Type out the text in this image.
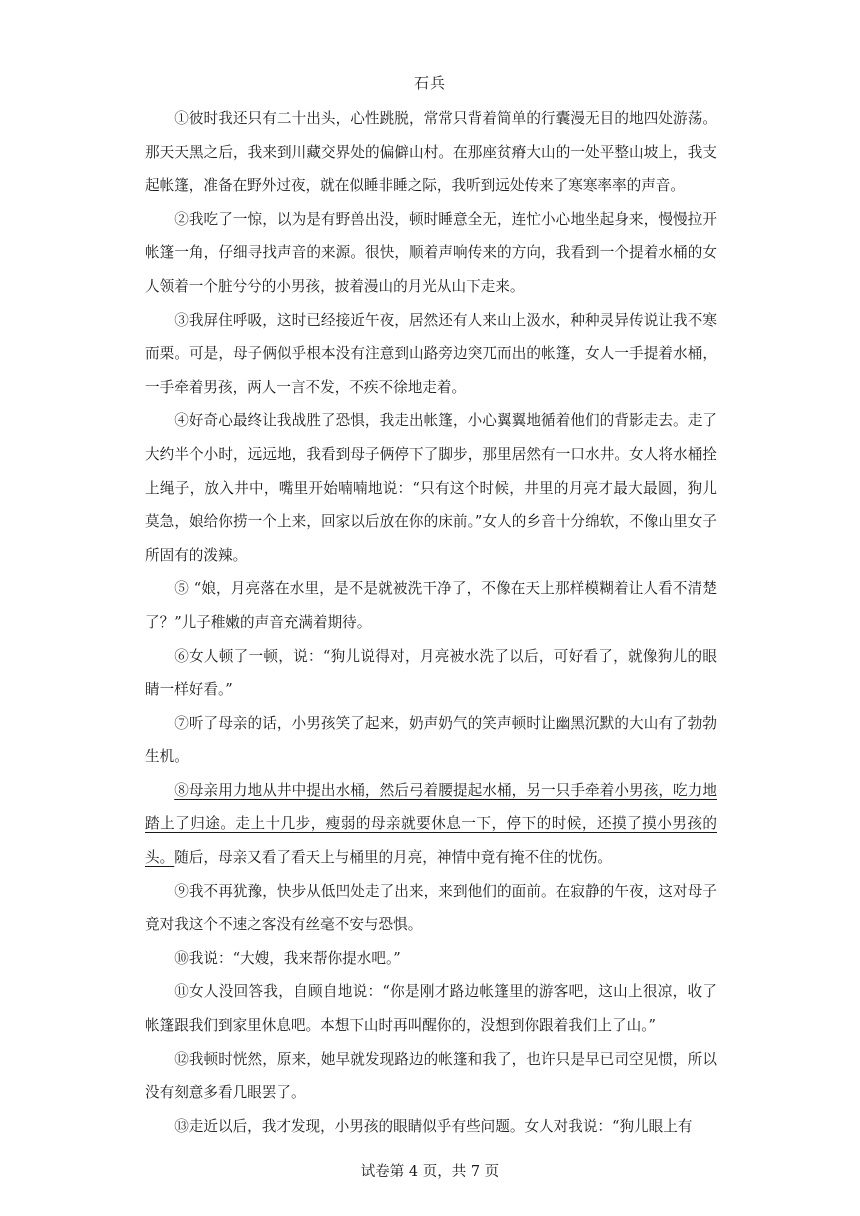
石兵

①彼时我还只有二十出头，心性跳脱，常常只背着简单的行囊漫无目的地四处游荡。那天天黑之后，我来到川藏交界处的偏僻山村。在那座贫瘠大山的一处平整山坡上，我支起帐篷，准备在野外过夜，就在似睡非睡之际，我听到远处传来了寒寒率率的声音。

②我吃了一惊，以为是有野兽出没，顿时睡意全无，连忙小心地坐起身来，慢慢拉开帐篷一角，仔细寻找声音的来源。很快，顺着声响传来的方向，我看到一个提着水桶的女人领着一个脏兮兮的小男孩，披着漫山的月光从山下走来。

③我屏住呼吸，这时已经接近午夜，居然还有人来山上汲水，种种灵异传说让我不寒而栗。可是，母子俩似乎根本没有注意到山路旁边突兀而出的帐篷，女人一手提着水桶，一手牵着男孩，两人一言不发，不疾不徐地走着。

④好奇心最终让我战胜了恐惧，我走出帐篷，小心翼翼地循着他们的背影走去。走了大约半个小时，远远地，我看到母子俩停下了脚步，那里居然有一口水井。女人将水桶拴上绳子，放入井中，嘴里开始喃喃地说：“只有这个时候，井里的月亮才最大最圆，狗儿莫急，娘给你捞一个上来，回家以后放在你的床前。”女人的乡音十分绵软，不像山里女子所固有的泼辣。

⑤ “娘，月亮落在水里，是不是就被洗干净了，不像在天上那样模糊着让人看不清楚了？”儿子稚嫩的声音充满着期待。

⑥女人顿了一顿，说：“狗儿说得对，月亮被水洗了以后，可好看了，就像狗儿的眼睛一样好看。”

⑦听了母亲的话，小男孩笑了起来，奶声奶气的笑声顿时让幽黑沉默的大山有了勃勃生机。

⑧母亲用力地从井中提出水桶，然后弓着腰提起水桶，另一只手牵着小男孩，吃力地踏上了归途。走上十几步，瘦弱的母亲就要休息一下，停下的时候，还摸了摸小男孩的头。随后，母亲又看了看天上与桶里的月亮，神情中竟有掩不住的忧伤。

⑨我不再犹豫，快步从低凹处走了出来，来到他们的面前。在寂静的午夜，这对母子竟对我这个不速之客没有丝毫不安与恐惧。

⑩我说：“大嫂，我来帮你提水吧。”

⑪女人没回答我，自顾自地说：“你是刚才路边帐篷里的游客吧，这山上很凉，收了帐篷跟我们到家里休息吧。本想下山时再叫醒你的，没想到你跟着我们上了山。”

⑫我顿时恍然，原来，她早就发现路边的帐篷和我了，也许只是早已司空见惯，所以没有刻意多看几眼罢了。

⑬走近以后，我才发现，小男孩的眼睛似乎有些问题。女人对我说：“狗儿眼上有

试卷第 4 页，共 7 页
